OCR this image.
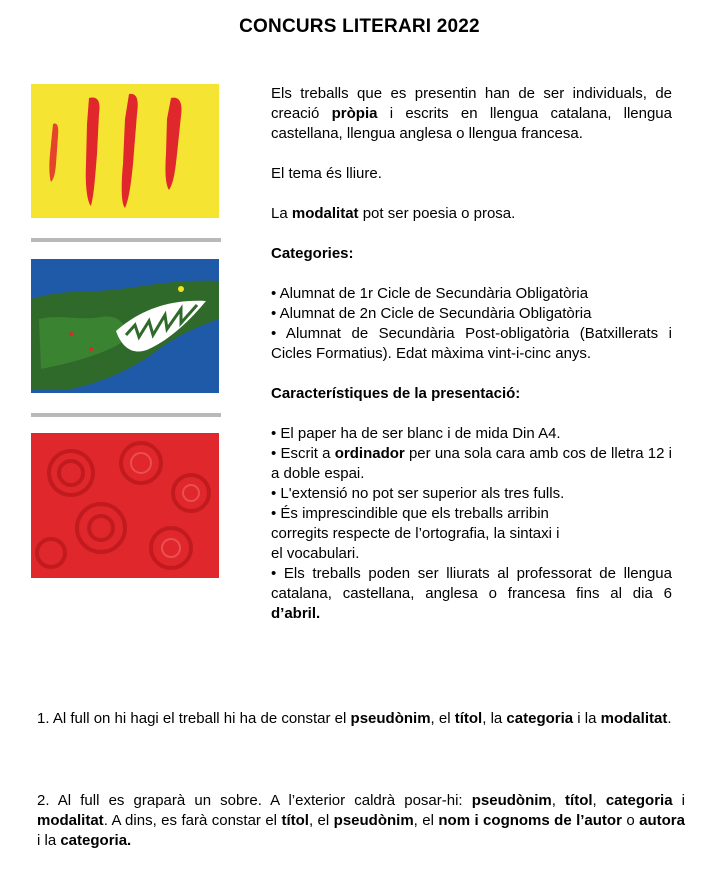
CONCURS LITERARI 2022

Els treballs que es presentin han de ser individuals, de creació pròpia i escrits en llengua catalana, llengua castellana, llengua anglesa o llengua francesa.

El tema és lliure.

La modalitat pot ser poesia o prosa.

Categories:

• Alumnat de 1r Cicle de Secundària Obligatòria

• Alumnat de 2n Cicle de Secundària Obligatòria

• Alumnat de Secundària Post-obligatòria (Batxillerats i Cicles Formatius). Edat màxima vint-i-cinc anys.

Característiques de la presentació:

• El paper ha de ser blanc i de mida Din A4.

• Escrit a ordinador per una sola cara amb cos de lletra 12 i a doble espai.

• L'extensió no pot ser superior als tres fulls.

• És imprescindible que els treballs arribin corregits respecte de l’ortografia, la sintaxi i el vocabulari.

• Els treballs poden ser lliurats al professorat de llengua catalana, castellana, anglesa o francesa fins al dia 6 d’abril.

1. Al full on hi hagi el treball hi ha de constar el pseudònim, el títol, la categoria i la modalitat.
2. Al full es graparà un sobre. A l’exterior caldrà posar-hi: pseudònim, títol, categoria i modalitat. A dins, es farà constar el títol, el pseudònim, el nom i cognoms de l’autor o autora i la categoria.
